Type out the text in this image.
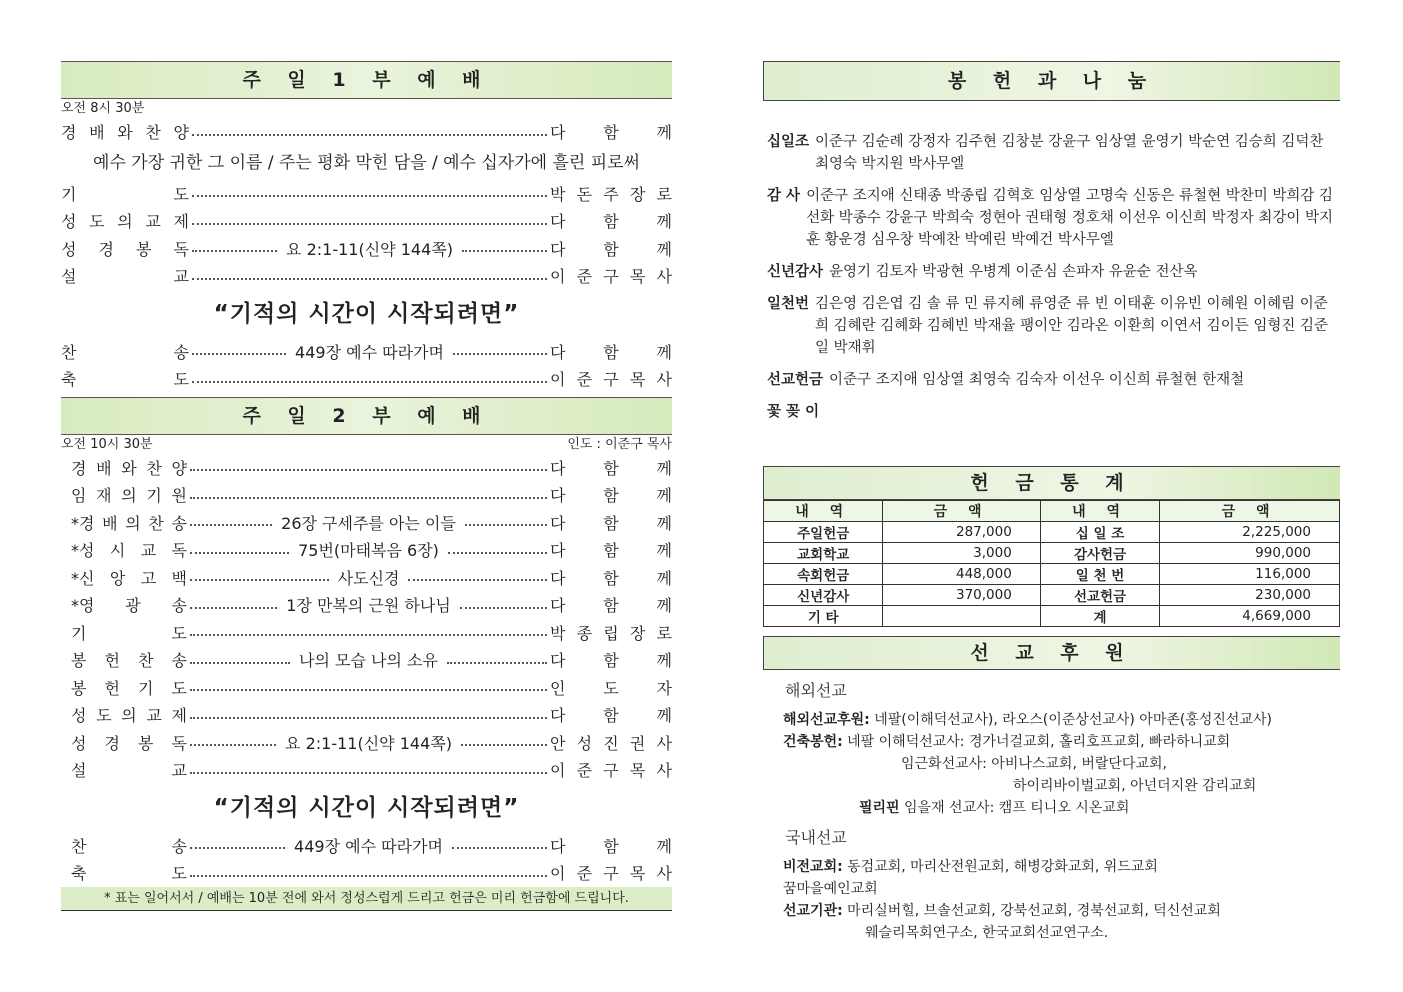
주 일 1 부 예 배
오전 8시 30분
경 배 와 찬 양	다 함 께
예수 가장 귀한 그 이름 / 주는 평화 막힌 담을 / 예수 십자가에 흘린 피로써
기	도	박 돈 주 장 로
성 도 의 교 제	다 함 께
성 경 봉 독	요 2:1-11(신약 144쪽)	다 함 께
설	교	이 준 구 목 사
“기적의 시간이 시작되려면”
찬	송	449장 예수 따라가며	다 함 께
축	도	이 준 구 목 사
주 일 2 부 예 배
오전 10시 30분	인도 : 이준구 목사
경 배 와 찬 양	다 함 께
임 재 의 기 원	다 함 께
*경 배 의 찬 송	26장 구세주를 아는 이들	다 함 께
*성 시 교 독	75번(마태복음 6장)	다 함 께
*신 앙 고 백	사도신경	다 함 께
*영 광 송	1장 만복의 근원 하나님	다 함 께
기	도	박 종 립 장 로
봉 헌 찬 송	나의 모습 나의 소유	다 함 께
봉 헌 기 도	인 도 자
성 도 의 교 제	다 함 께
성 경 봉 독	요 2:1-11(신약 144쪽)	안 성 진 권 사
설	교	이 준 구 목 사
“기적의 시간이 시작되려면”
찬	송	449장 예수 따라가며	다 함 께
축	도	이 준 구 목 사
* 표는 일어서서 / 예배는 10분 전에 와서 정성스럽게 드리고 헌금은 미리 헌금함에 드립니다.
봉 헌 과 나 눔
십일조 이준구 김순례 강정자 김주현 김창분 강윤구 임상열 윤영기 박순연 김승희 김덕찬 최영숙 박지원 박사무엘
감 사 이준구 조지애 신태종 박종립 김혁호 임상열 고명숙 신동은 류철현 박찬미 박희감 김선화 박종수 강윤구 박희숙 정현아 권태형 정호채 이선우 이신희 박정자 최강이 박지훈 황운경 심우창 박예찬 박예린 박예건 박사무엘
신년감사 윤영기 김토자 박광현 우병계 이준심 손파자 유윤순 전산옥
일천번 김은영 김은엽 김 솔 류 민 류지혜 류영준 류 빈 이태훈 이유빈 이혜원 이혜림 이준희 김혜란 김혜화 김혜빈 박재율 팽이안 김라온 이환희 이연서 김이든 임형진 김준일 박재휘
선교헌금 이준구 조지애 임상열 최영숙 김숙자 이선우 이신희 류철현 한재철
꽃 꽂 이
헌 금 통 계
내 역	금 액	내 역	금 액
주일헌금	287,000	십 일 조	2,225,000
교회학교	3,000	감사헌금	990,000
속회헌금	448,000	일 천 번	116,000
신년감사	370,000	선교헌금	230,000
기 타		계	4,669,000
선 교 후 원
해외선교
해외선교후원: 네팔(이해덕선교사), 라오스(이준상선교사) 아마존(홍성진선교사)
건축봉헌: 네팔 이해덕선교사: 경가너걸교회, 홀리호프교회, 빠라하니교회
임근화선교사: 아비나스교회, 버랄단다교회,
하이리바이벌교회, 아넌더지완 감리교회
필리핀 임을재 선교사: 캠프 티니오 시온교회
국내선교
비전교회: 동검교회, 마리산전원교회, 해병강화교회, 위드교회
꿈마을예인교회
선교기관: 마리실버힐, 브솔선교회, 강북선교회, 경북선교회, 덕신선교회
웨슬리목회연구소, 한국교회선교연구소.
